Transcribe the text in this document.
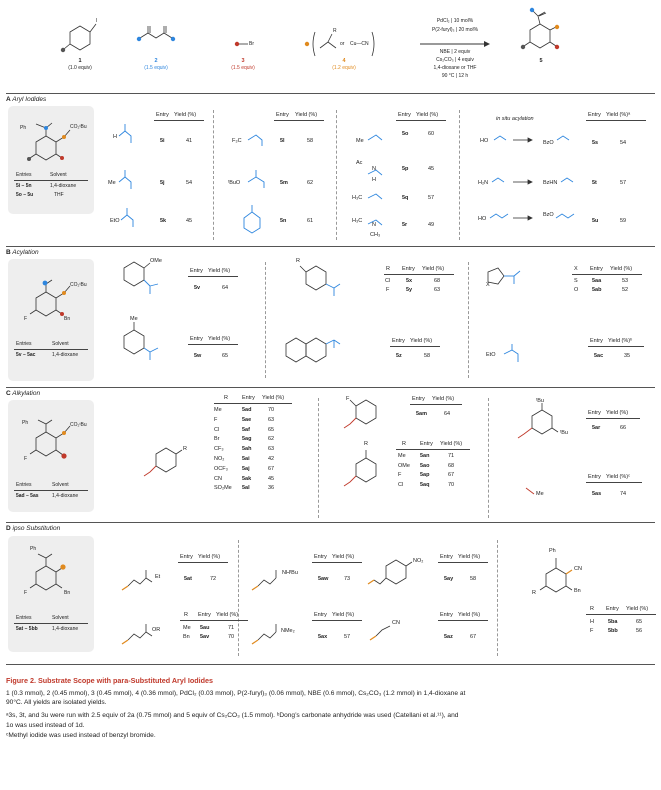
I
Br
R
or Cu—CN
1
(1.0 equiv)
2
(1.5 equiv)
3
(1.5 equiv)
4
(1.2 equiv)
PdCl₂ | 10 mol%
P(2-furyl)₃ | 20 mol%
NBE | 2 equiv
Cs₂CO₃ | 4 equiv
1,4-dioxane or THF
90 °C | 12 h
5
A Aryl Iodides
Ph	CO₂ᵗBu
Entries	Solvent
5i – 5n	1,4-dioxane
5o – 5u	THF
Entry Yield (%)
H
5i	41
Me	5j	54
EtO	5k	45
Entry Yield (%)
F₃C	5l	58
ᵗBuO	5m	62
5n	61
Entry Yield (%)
Me
5o	60
Ac
N
H
5p	45
H₃C	5q	57
H₃C
N
CH₃
5r	49
in situ acylation
Entry Yield (%)ᵃ
HO	BzO	5s	54
H₂N	BzHN	5t	57
HO
BzO
5u	59
B Acylation
CO₂ᵗBu
F	Bn
Entries	Solvent
5v – 5ac	1,4-dioxane
OMe
Entry Yield (%)
5v	64
R
R Entry Yield (%)
Cl	5x	68
F	5y	63
X
X Entry Yield (%)
S	5aa	53
O 5ab	52
Me
Entry Yield (%)
5w	65
Entry Yield (%)
5z	58	EtO
Entry Yield (%)ᵇ
5ac	35
C Alkylation
Ph	CO₂ᵗBu
F
Entries	Solvent
5ad – 5as	1,4-dioxane
R
R	Entry Yield (%)
Me	5ad	70
F	5ae	63
Cl	5af	65
Br	5ag	62
CF₃	5ah	63
NO₂	5ai	42
OCF₃	5aj	67
CN	5ak	45
SO₂Me 5al	36
F	Entry Yield (%)
5am	64
R	R	Entry Yield (%)
Me	5an	71
OMe 5ao	68
F	5ap	67
Cl	5aq	70
ᵗBu
ᵗBu
Entry Yield (%)
5ar	66
Me
Entry Yield (%)ᶜ
5as	74
D ipso Substitution
Ph
F	Bn
Entries	Solvent
5at – 5bb	1,4-dioxane
Et
Entry Yield (%)
5at	72
NHᵗBu
Entry Yield (%)
5aw	73
NO₂
Entry Yield (%)
5ay	58
Ph
CN
Bn
R
R Entry Yield (%)
H	5ba	65
F	5bb	56
OR
R Entry Yield (%)
Me 5au	71
Bn 5av	70
NMe₂
Entry Yield (%)
5ax	57
CN
Entry Yield (%)
5az	67
Figure 2. Substrate Scope with para-Substituted Aryl Iodides
1 (0.3 mmol), 2 (0.45 mmol), 3 (0.45 mmol), 4 (0.36 mmol), PdCl₂ (0.03 mmol), P(2-furyl)₃ (0.06 mmol), NBE (0.6 mmol), Cs₂CO₃ (1.2 mmol) in 1,4-dioxane at
90°C. All yields are isolated yields.
ᵃ3s, 3t, and 3u were run with 2.5 equiv of 2a (0.75 mmol) and 5 equiv of Cs₂CO₃ (1.5 mmol). ᵇDong’s carbonate anhydride was used (Catellani et al.¹¹), and
1o was used instead of 1d.
ᶜMethyl iodide was used instead of benzyl bromide.
